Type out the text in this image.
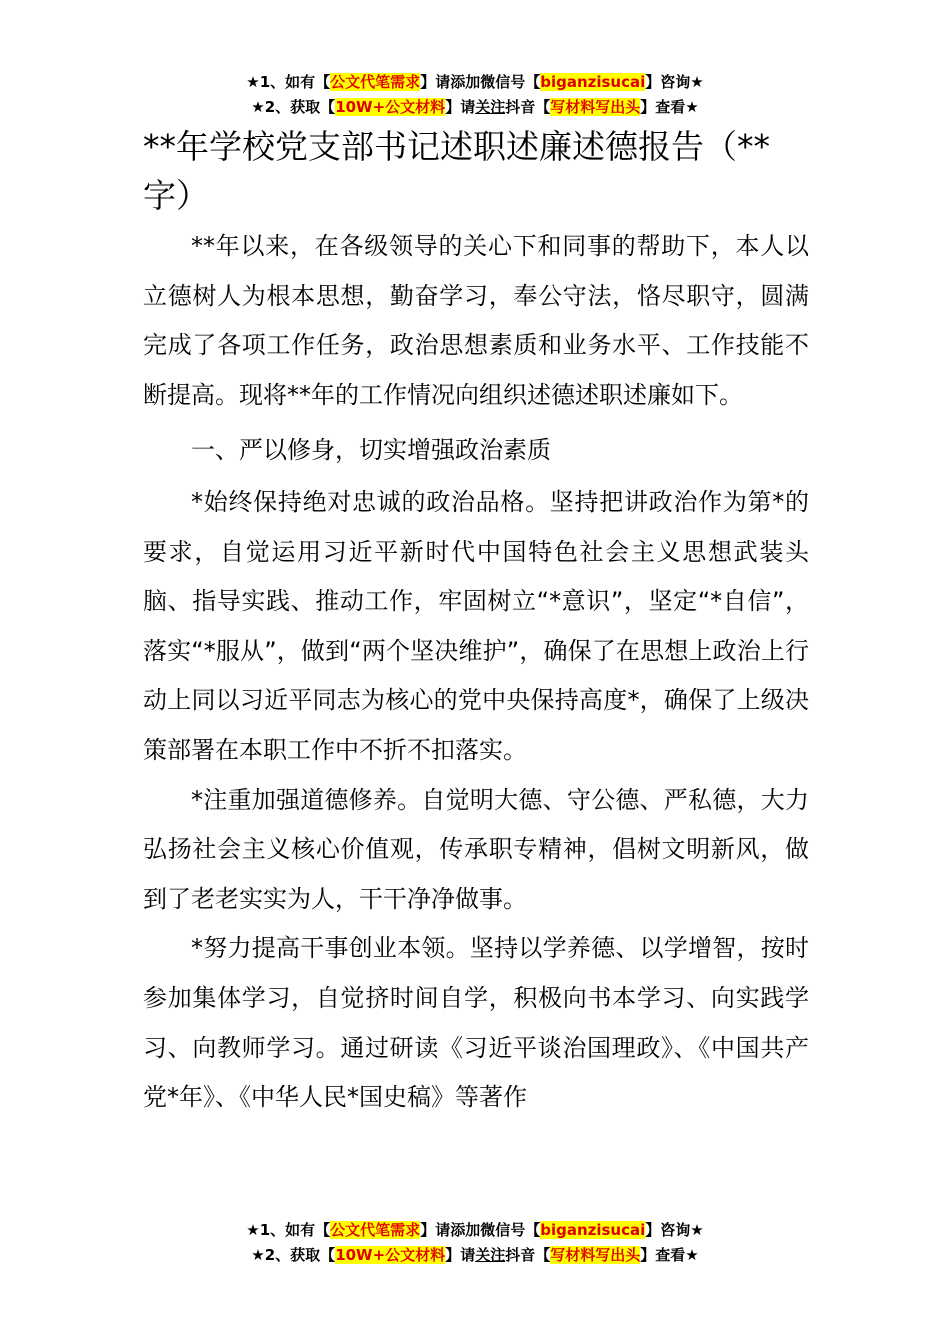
★1、如有【公文代笔需求】请添加微信号【biganzisucai】咨询★
★2、获取【10W+公文材料】请关注抖音【写材料写出头】查看★
**年学校党支部书记述职述廉述德报告（**字）

**年以来，在各级领导的关心下和同事的帮助下，本人以立德树人为根本思想，勤奋学习，奉公守法，恪尽职守，圆满完成了各项工作任务，政治思想素质和业务水平、工作技能不断提高。现将**年的工作情况向组织述德述职述廉如下。

一、严以修身，切实增强政治素质

*始终保持绝对忠诚的政治品格。坚持把讲政治作为第*的要求，自觉运用习近平新时代中国特色社会主义思想武装头脑、指导实践、推动工作，牢固树立“*意识”，坚定“*自信”，落实“*服从”，做到“两个坚决维护”，确保了在思想上政治上行动上同以习近平同志为核心的党中央保持高度*，确保了上级决策部署在本职工作中不折不扣落实。

*注重加强道德修养。自觉明大德、守公德、严私德，大力弘扬社会主义核心价值观，传承职专精神，倡树文明新风，做到了老老实实为人，干干净净做事。

*努力提高干事创业本领。坚持以学养德、以学增智，按时参加集体学习，自觉挤时间自学，积极向书本学习、向实践学习、向教师学习。通过研读《习近平谈治国理政》、《中国共产党*年》、《中华人民*国史稿》等著作

★1、如有【公文代笔需求】请添加微信号【biganzisucai】咨询★
★2、获取【10W+公文材料】请关注抖音【写材料写出头】查看★
